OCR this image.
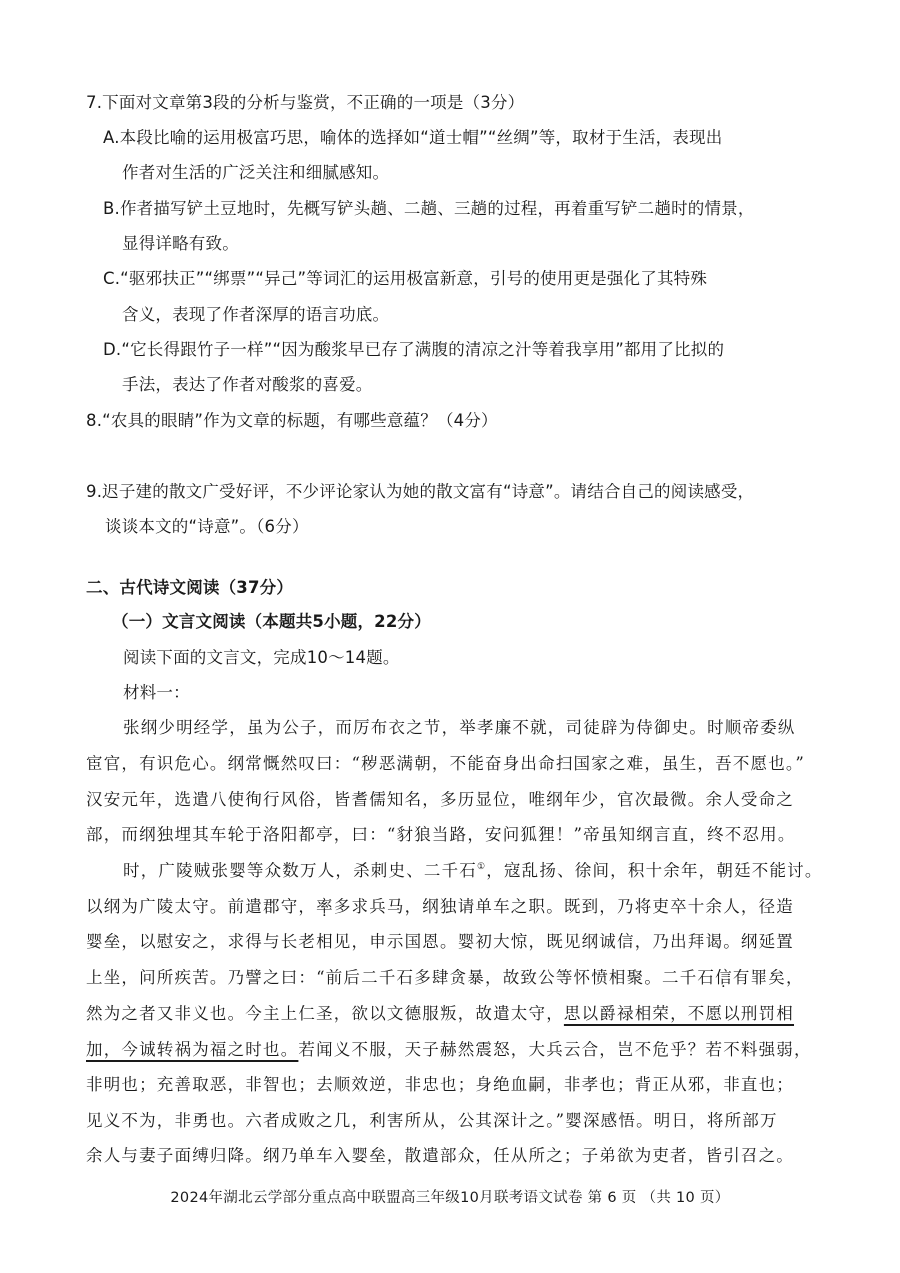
7.下面对文章第3段的分析与鉴赏，不正确的一项是（3分）
A.本段比喻的运用极富巧思，喻体的选择如“道士帽”“丝绸”等，取材于生活，表现出
作者对生活的广泛关注和细腻感知。
B.作者描写铲土豆地时，先概写铲头趟、二趟、三趟的过程，再着重写铲二趟时的情景，
显得详略有致。
C.“驱邪扶正”“绑票”“异己”等词汇的运用极富新意，引号的使用更是强化了其特殊
含义，表现了作者深厚的语言功底。
D.“它长得跟竹子一样”“因为酸浆早已存了满腹的清凉之汁等着我享用”都用了比拟的
手法，表达了作者对酸浆的喜爱。
8.“农具的眼睛”作为文章的标题，有哪些意蕴？（4分）
9.迟子建的散文广受好评，不少评论家认为她的散文富有“诗意”。请结合自己的阅读感受，
谈谈本文的“诗意”。（6分）
二、古代诗文阅读（37分）
（一）文言文阅读（本题共5小题，22分）
阅读下面的文言文，完成10～14题。
材料一：
张纲少明经学，虽为公子，而厉布衣之节，举孝廉不就，司徒辟为侍御史。时顺帝委纵
宦官，有识危心。纲常慨然叹曰：“秽恶满朝，不能奋身出命扫国家之难，虽生，吾不愿也。”
汉安元年，选遣八使徇行风俗，皆耆儒知名，多历显位，唯纲年少，官次最微。余人受命之
部，而纲独埋其车轮于洛阳都亭，曰：“豺狼当路，安问狐狸！”帝虽知纲言直，终不忍用。
时，广陵贼张婴等众数万人，杀刺史、二千石①，寇乱扬、徐间，积十余年，朝廷不能讨。
以纲为广陵太守。前遣郡守，率多求兵马，纲独请单车之职。既到，乃将吏卒十余人，径造
婴垒，以慰安之，求得与长老相见，申示国恩。婴初大惊，既见纲诚信，乃出拜谒。纲延置
上坐，问所疾苦。乃譬之曰：“前后二千石多肆贪暴，故致公等怀愤相聚。二千石信有罪矣，
然为之者又非义也。今主上仁圣，欲以文德服叛，故遣太守，思以爵禄相荣，不愿以刑罚相
加，今诚转祸为福之时也。若闻义不服，天子赫然震怒，大兵云合，岂不危乎？若不料强弱，
非明也；充善取恶，非智也；去顺效逆，非忠也；身绝血嗣，非孝也；背正从邪，非直也；
见义不为，非勇也。六者成败之几，利害所从，公其深计之。”婴深感悟。明日，将所部万
余人与妻子面缚归降。纲乃单车入婴垒，散遣部众，任从所之；子弟欲为吏者，皆引召之。
2024年湖北云学部分重点高中联盟高三年级10月联考语文试卷 第 6 页 （共 10 页）
